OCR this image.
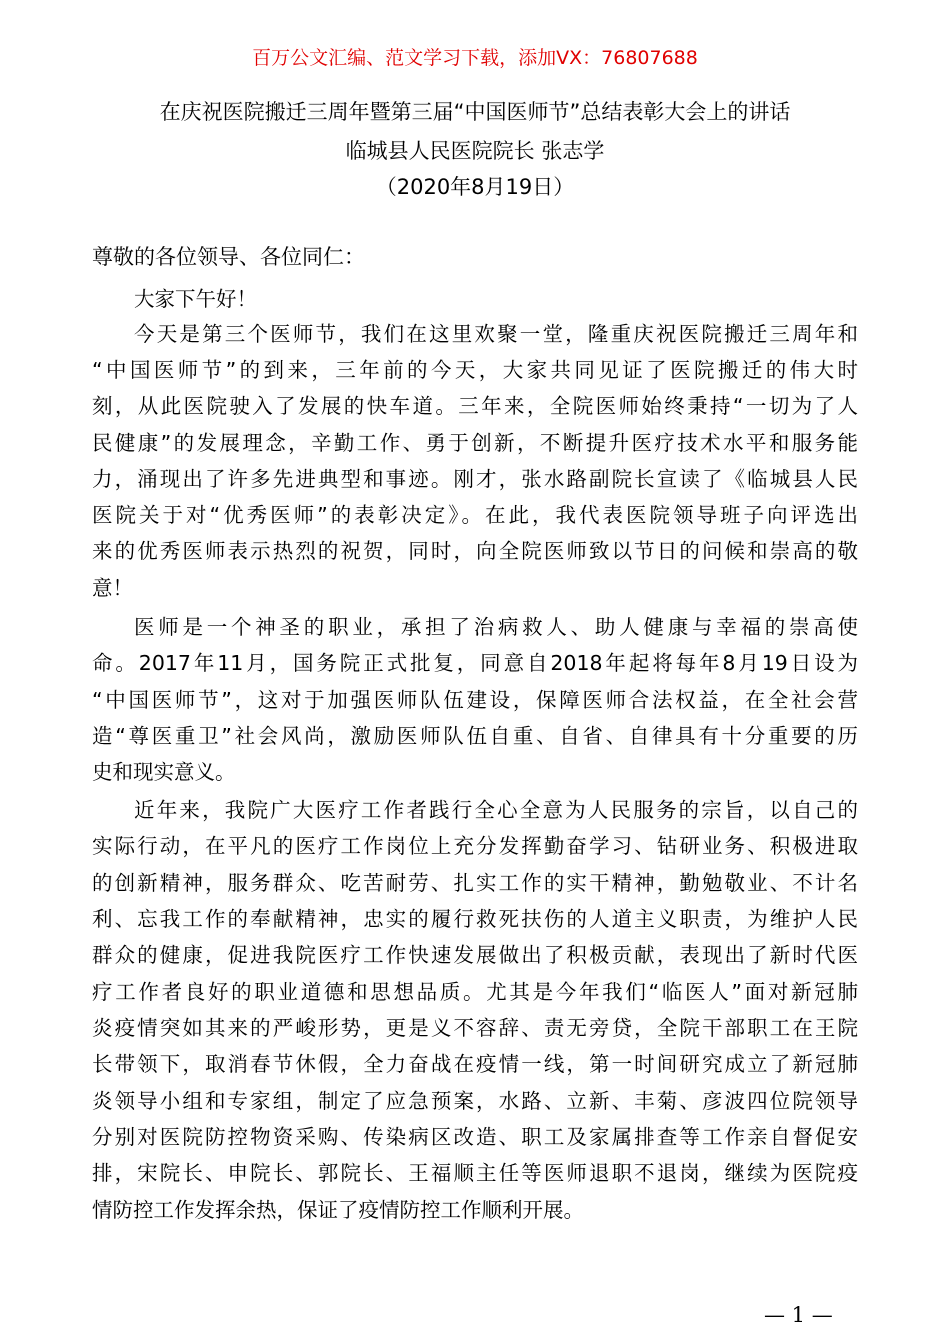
百万公文汇编、范文学习下载，添加VX：76807688
在庆祝医院搬迁三周年暨第三届“中国医师节”总结表彰大会上的讲话
临城县人民医院院长 张志学
（2020年8月19日）
尊敬的各位领导、各位同仁：
大家下午好！
今天是第三个医师节，我们在这里欢聚一堂，隆重庆祝医院搬迁三周年和
“中国医师节”的到来，三年前的今天，大家共同见证了医院搬迁的伟大时
刻，从此医院驶入了发展的快车道。三年来，全院医师始终秉持“一切为了人
民健康”的发展理念，辛勤工作、勇于创新，不断提升医疗技术水平和服务能
力，涌现出了许多先进典型和事迹。刚才，张水路副院长宣读了《临城县人民
医院关于对“优秀医师”的表彰决定》。在此，我代表医院领导班子向评选出
来的优秀医师表示热烈的祝贺，同时，向全院医师致以节日的问候和崇高的敬
意！
医师是一个神圣的职业，承担了治病救人、助人健康与幸福的崇高使
命。2017年11月，国务院正式批复，同意自2018年起将每年8月19日设为
“中国医师节”，这对于加强医师队伍建设，保障医师合法权益，在全社会营
造“尊医重卫”社会风尚，激励医师队伍自重、自省、自律具有十分重要的历
史和现实意义。
近年来，我院广大医疗工作者践行全心全意为人民服务的宗旨，以自己的
实际行动，在平凡的医疗工作岗位上充分发挥勤奋学习、钻研业务、积极进取
的创新精神，服务群众、吃苦耐劳、扎实工作的实干精神，勤勉敬业、不计名
利、忘我工作的奉献精神，忠实的履行救死扶伤的人道主义职责，为维护人民
群众的健康，促进我院医疗工作快速发展做出了积极贡献，表现出了新时代医
疗工作者良好的职业道德和思想品质。尤其是今年我们“临医人”面对新冠肺
炎疫情突如其来的严峻形势，更是义不容辞、责无旁贷，全院干部职工在王院
长带领下，取消春节休假，全力奋战在疫情一线，第一时间研究成立了新冠肺
炎领导小组和专家组，制定了应急预案，水路、立新、丰菊、彦波四位院领导
分别对医院防控物资采购、传染病区改造、职工及家属排查等工作亲自督促安
排，宋院长、申院长、郭院长、王福顺主任等医师退职不退岗，继续为医院疫
情防控工作发挥余热，保证了疫情防控工作顺利开展。
— 1 —
